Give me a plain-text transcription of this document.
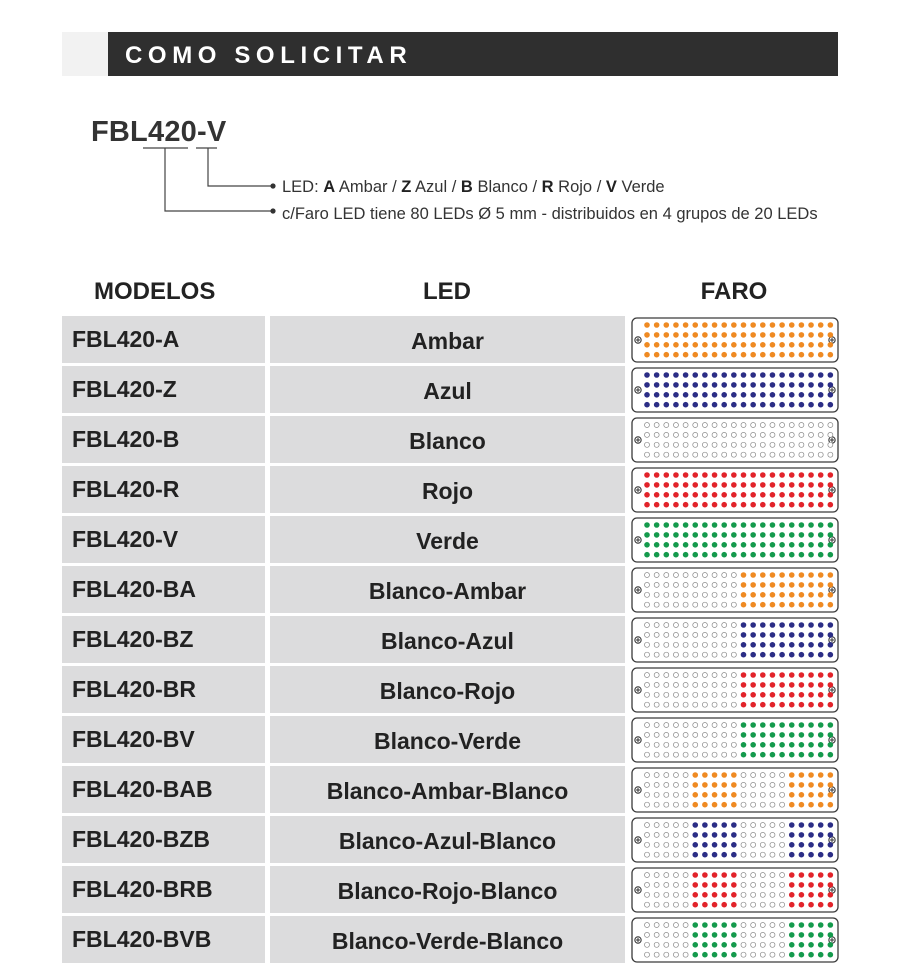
COMO SOLICITAR
FBL420-V
LED: A Ambar / Z Azul / B Blanco / R Rojo / V Verde
c/Faro LED tiene 80 LEDs Ø 5 mm - distribuidos en 4 grupos de 20 LEDs
MODELOS	LED	FARO
FBL420-A	Ambar
FBL420-Z	Azul
FBL420-B	Blanco
FBL420-R	Rojo
FBL420-V	Verde
FBL420-BA	Blanco-Ambar
FBL420-BZ	Blanco-Azul
FBL420-BR	Blanco-Rojo
FBL420-BV	Blanco-Verde
FBL420-BAB	Blanco-Ambar-Blanco
FBL420-BZB	Blanco-Azul-Blanco
FBL420-BRB	Blanco-Rojo-Blanco
FBL420-BVB	Blanco-Verde-Blanco
